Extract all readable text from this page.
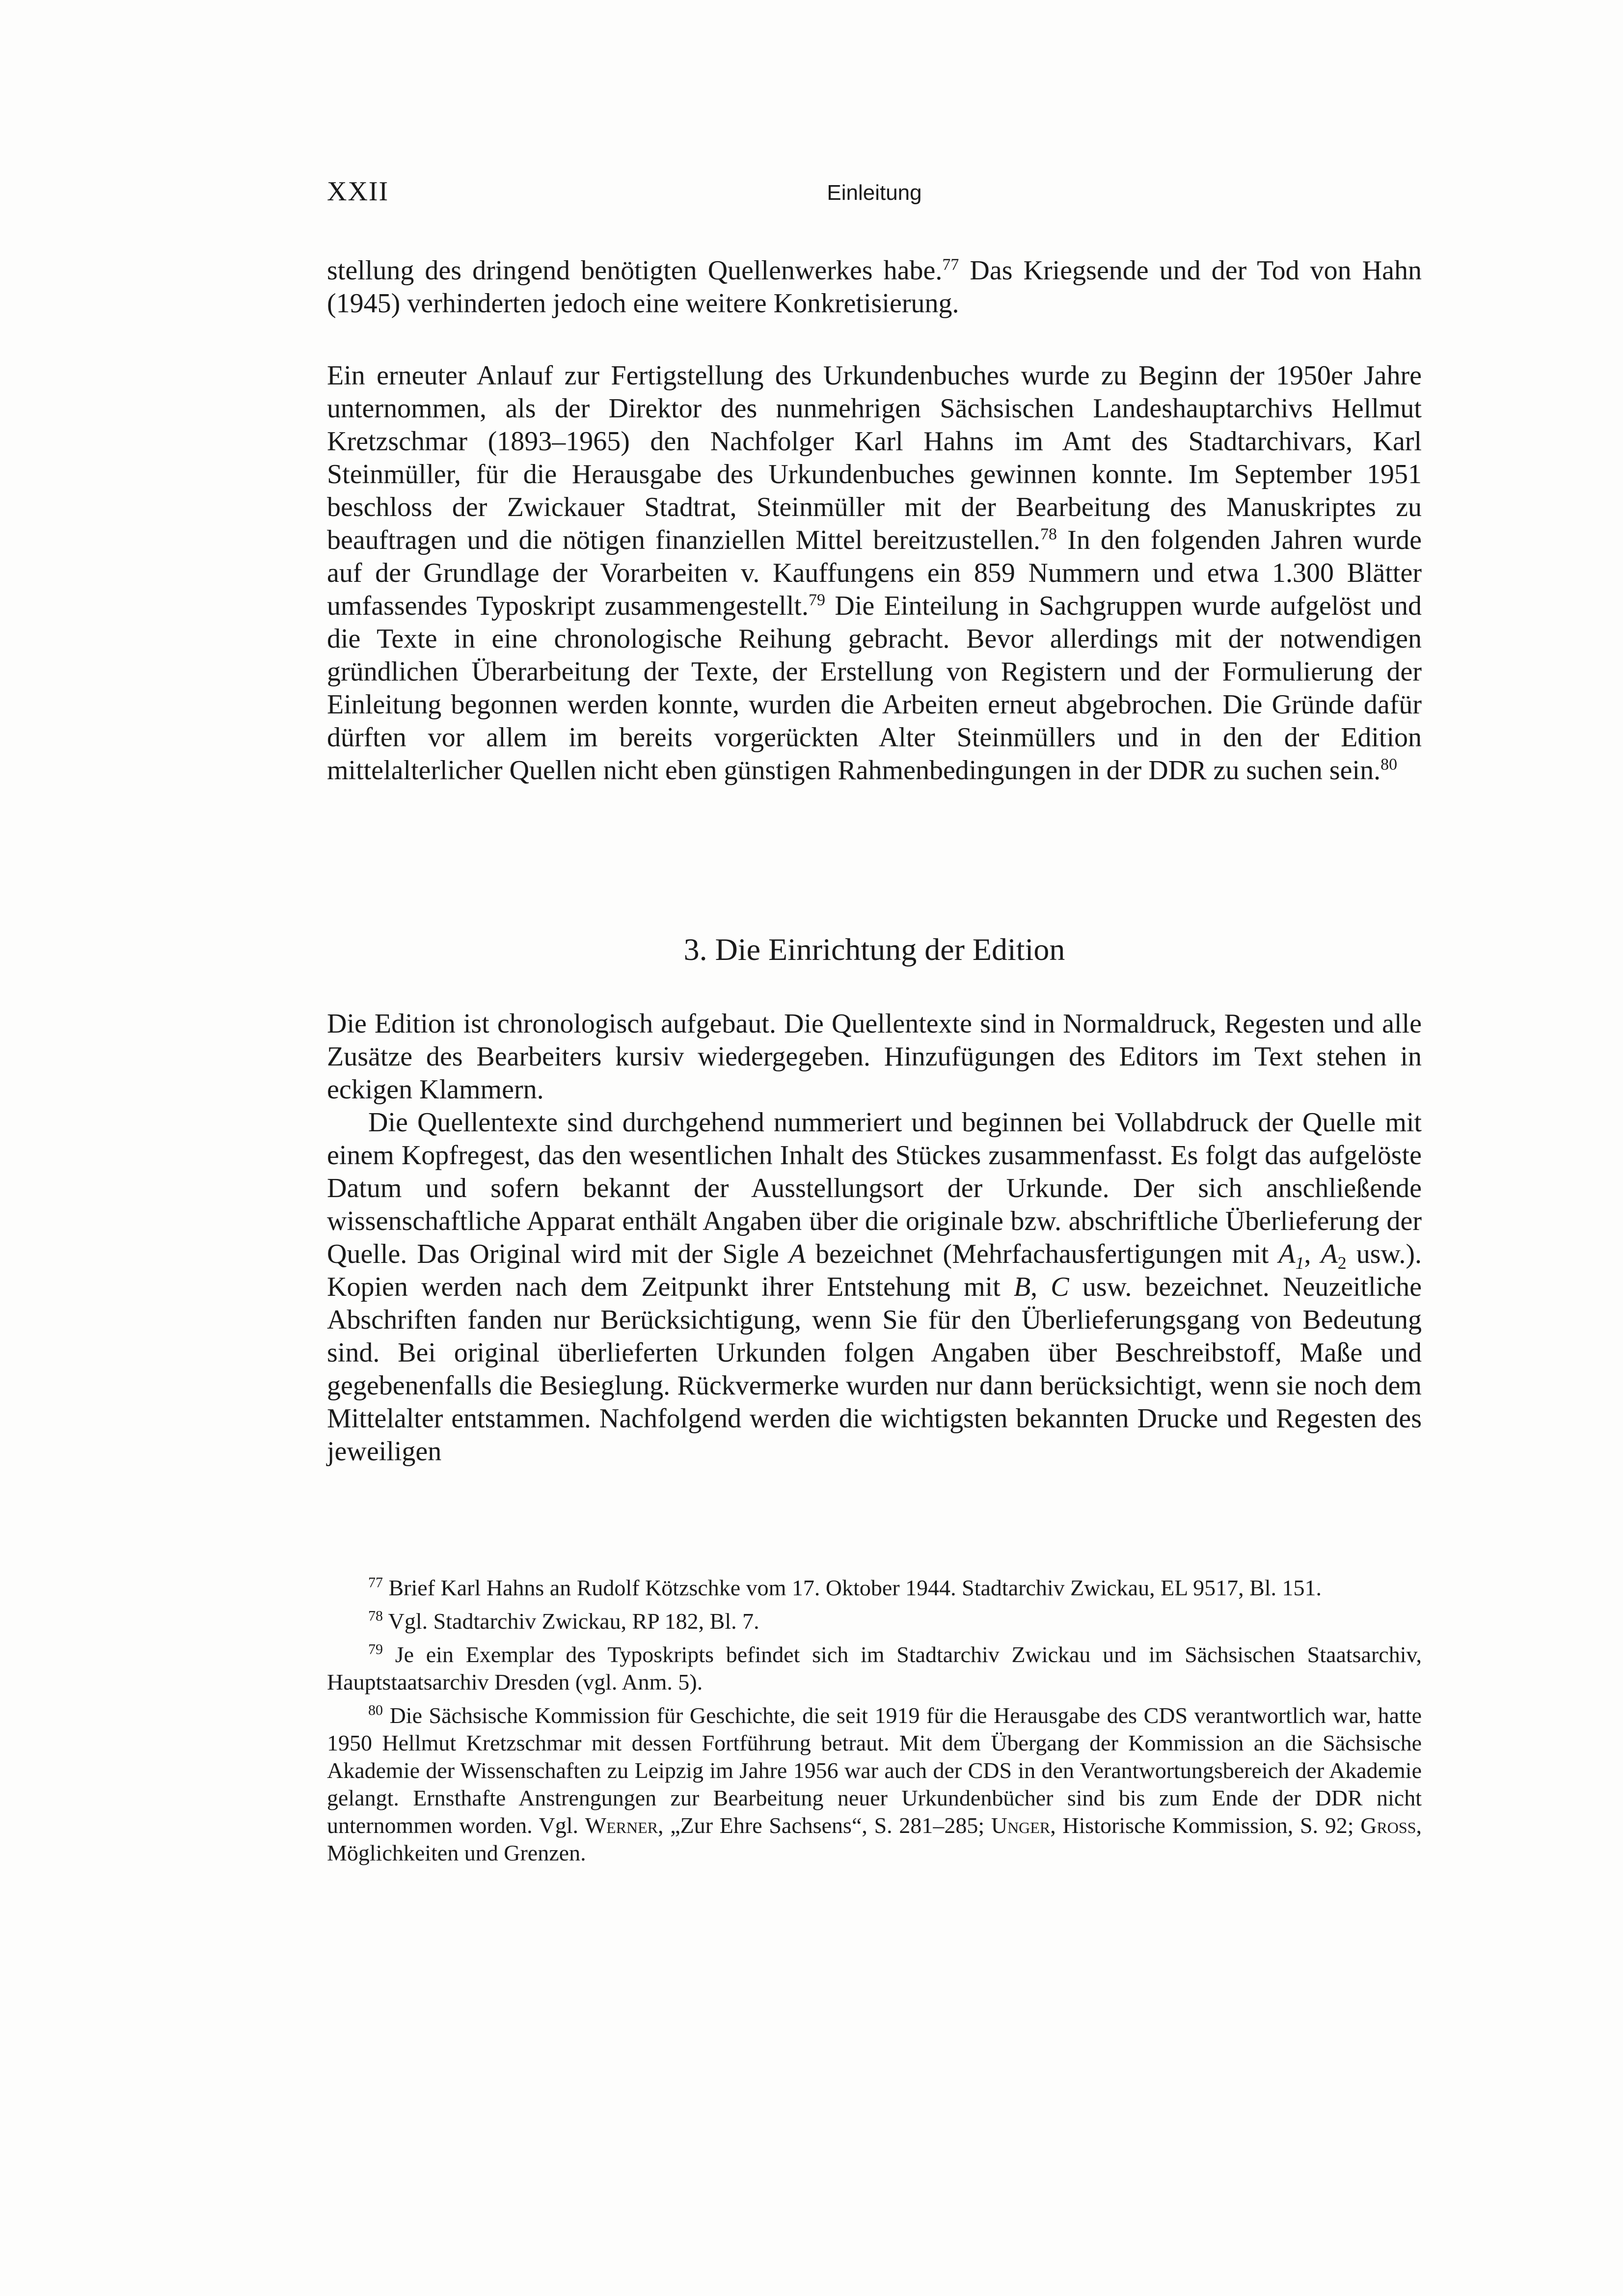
XXII	Einleitung

stellung des dringend benötigten Quellenwerkes habe.$^{77}$ Das Kriegsende und der Tod von Hahn (1945) verhinderten jedoch eine weitere Konkretisierung.

Ein erneuter Anlauf zur Fertigstellung des Urkundenbuches wurde zu Beginn der 1950er Jahre unternommen, als der Direktor des nunmehrigen Sächsischen Landeshauptarchivs Hellmut Kretzschmar (1893–1965) den Nachfolger Karl Hahns im Amt des Stadtarchivars, Karl Steinmüller, für die Herausgabe des Urkundenbuches gewinnen konnte. Im September 1951 beschloss der Zwickauer Stadtrat, Steinmüller mit der Bearbeitung des Manuskriptes zu beauftragen und die nötigen finanziellen Mittel bereitzustellen.$^{78}$ In den folgenden Jahren wurde auf der Grundlage der Vorarbeiten v. Kauffungens ein 859 Nummern und etwa 1.300 Blätter umfassendes Typoskript zusammengestellt.$^{79}$ Die Einteilung in Sachgruppen wurde aufgelöst und die Texte in eine chronologische Reihung gebracht. Bevor allerdings mit der notwendigen gründlichen Überarbeitung der Texte, der Erstellung von Registern und der Formulierung der Einleitung begonnen werden konnte, wurden die Arbeiten erneut abgebrochen. Die Gründe dafür dürften vor allem im bereits vorgerückten Alter Steinmüllers und in den der Edition mittelalterlicher Quellen nicht eben günstigen Rahmenbedingungen in der DDR zu suchen sein.$^{80}$

3. Die Einrichtung der Edition

Die Edition ist chronologisch aufgebaut. Die Quellentexte sind in Normaldruck, Regesten und alle Zusätze des Bearbeiters kursiv wiedergegeben. Hinzufügungen des Editors im Text stehen in eckigen Klammern.

Die Quellentexte sind durchgehend nummeriert und beginnen bei Vollabdruck der Quelle mit einem Kopfregest, das den wesentlichen Inhalt des Stückes zusammenfasst. Es folgt das aufgelöste Datum und sofern bekannt der Ausstellungsort der Urkunde. Der sich anschließende wissenschaftliche Apparat enthält Angaben über die originale bzw. abschriftliche Überlieferung der Quelle. Das Original wird mit der Sigle A bezeichnet (Mehrfachausfertigungen mit $A_1$, $A_2$ usw.). Kopien werden nach dem Zeitpunkt ihrer Entstehung mit B, C usw. bezeichnet. Neuzeitliche Abschriften fanden nur Berücksichtigung, wenn Sie für den Überlieferungsgang von Bedeutung sind. Bei original überlieferten Urkunden folgen Angaben über Beschreibstoff, Maße und gegebenenfalls die Besieglung. Rückvermerke wurden nur dann berücksichtigt, wenn sie noch dem Mittelalter entstammen. Nachfolgend werden die wichtigsten bekannten Drucke und Regesten des jeweiligen

$^{77}$ Brief Karl Hahns an Rudolf Kötzschke vom 17. Oktober 1944. Stadtarchiv Zwickau, EL 9517, Bl. 151.

$^{78}$ Vgl. Stadtarchiv Zwickau, RP 182, Bl. 7.

$^{79}$ Je ein Exemplar des Typoskripts befindet sich im Stadtarchiv Zwickau und im Sächsischen Staatsarchiv, Hauptstaatsarchiv Dresden (vgl. Anm. 5).

$^{80}$ Die Sächsische Kommission für Geschichte, die seit 1919 für die Herausgabe des CDS verantwortlich war, hatte 1950 Hellmut Kretzschmar mit dessen Fortführung betraut. Mit dem Übergang der Kommission an die Sächsische Akademie der Wissenschaften zu Leipzig im Jahre 1956 war auch der CDS in den Verantwortungsbereich der Akademie gelangt. Ernsthafte Anstrengungen zur Bearbeitung neuer Urkundenbücher sind bis zum Ende der DDR nicht unternommen worden. Vgl. Werner, „Zur Ehre Sachsens“, S. 281–285; Unger, Historische Kommission, S. 92; Groß, Möglichkeiten und Grenzen.
